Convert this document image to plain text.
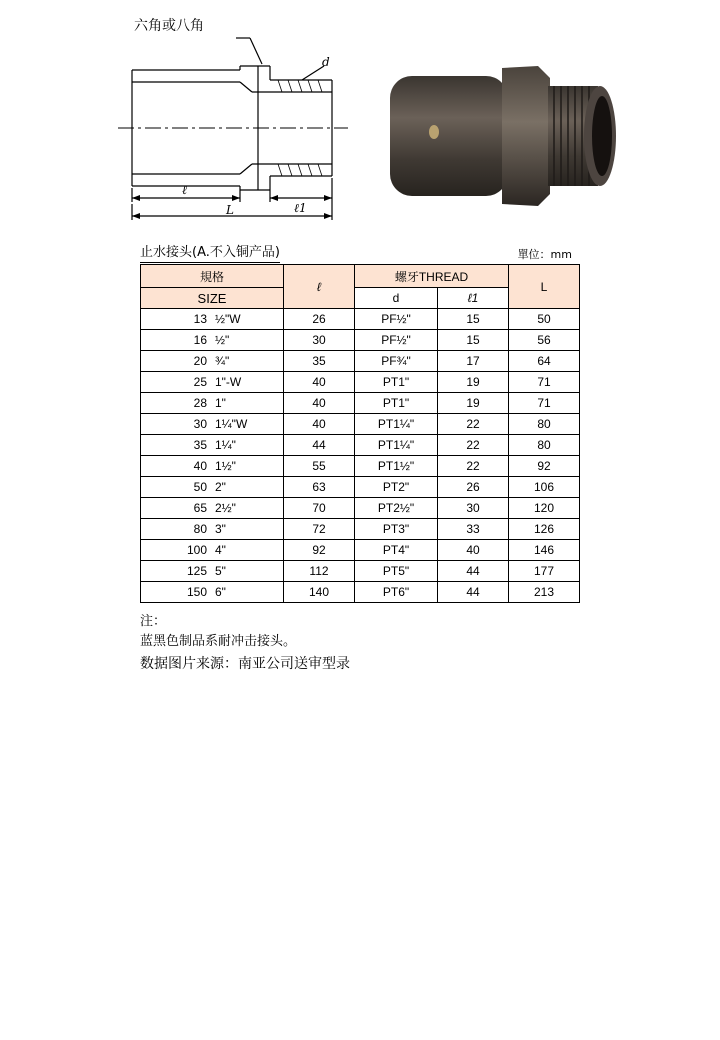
六角或八角
d
ℓ
ℓ1
L
止水接头(A.不入铜产品)	單位：mm
規格	ℓ	螺牙THREAD		L
SIZE		d	ℓ1	
13 ½"W	26	PF½"	15	50
16 ½"	30	PF½"	15	56
20 ¾"	35	PF¾"	17	64
25 1"-W	40	PT1"	19	71
28 1"	40	PT1"	19	71
30 1¼"W	40	PT1¼"	22	80
35 1¼"	44	PT1¼"	22	80
40 1½"	55	PT1½"	22	92
50 2"	63	PT2"	26	106
65 2½"	70	PT2½"	30	120
80 3"	72	PT3"	33	126
100 4"	92	PT4"	40	146
125 5"	112	PT5"	44	177
150 6"	140	PT6"	44	213
注：
蓝黑色制品系耐冲击接头。
数据图片来源：南亚公司送审型录
